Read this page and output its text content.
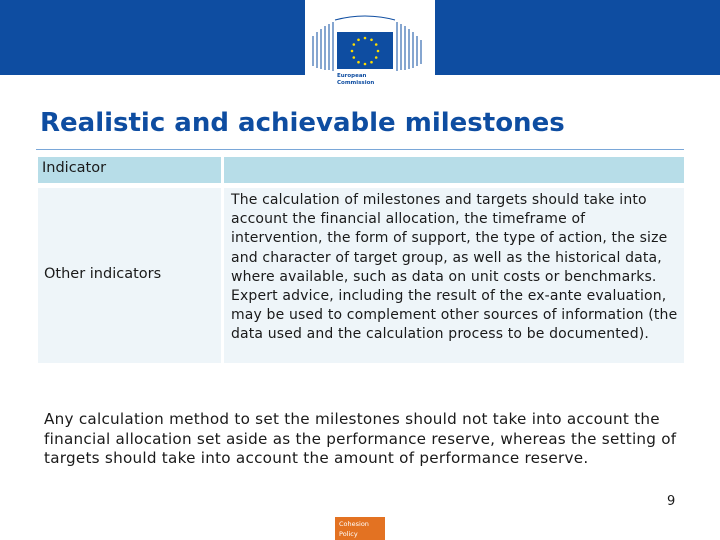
European
Commission
Realistic and achievable milestones
Indicator
Other indicators

The calculation of milestones and targets should take into account the financial allocation, the timeframe of intervention, the form of support, the type of action, the size and character of target group, as well as the historical data, where available, such as data on unit costs or benchmarks. Expert advice, including the result of the ex-ante evaluation, may be used to complement other sources of information (the data used and the calculation process to be documented).

Any calculation method to set the milestones should not take into account the financial allocation set aside as the performance reserve, whereas the setting of targets should take into account the amount of performance reserve.

9
Cohesion
Policy
